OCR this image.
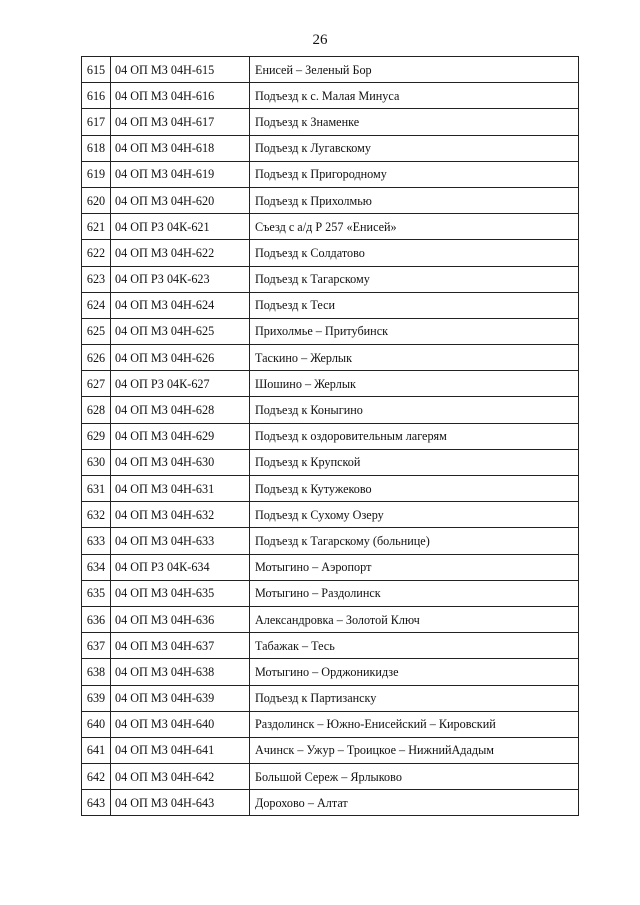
26
615	04 ОП МЗ 04Н-615	Енисей – Зеленый Бор
616	04 ОП МЗ 04Н-616	Подъезд к с. Малая Минуса
617	04 ОП МЗ 04Н-617	Подъезд к Знаменке
618	04 ОП МЗ 04Н-618	Подъезд к Лугавскому
619	04 ОП МЗ 04Н-619	Подъезд к Пригородному
620	04 ОП МЗ 04Н-620	Подъезд к Прихолмью
621	04 ОП РЗ 04К-621	Съезд с а/д Р 257 «Енисей»
622	04 ОП МЗ 04Н-622	Подъезд к Солдатово
623	04 ОП РЗ 04К-623	Подъезд к Тагарскому
624	04 ОП МЗ 04Н-624	Подъезд к Теси
625	04 ОП МЗ 04Н-625	Прихолмье – Притубинск
626	04 ОП МЗ 04Н-626	Таскино – Жерлык
627	04 ОП РЗ 04К-627	Шошино – Жерлык
628	04 ОП МЗ 04Н-628	Подъезд к Коныгино
629	04 ОП МЗ 04Н-629	Подъезд к оздоровительным лагерям
630	04 ОП МЗ 04Н-630	Подъезд к Крупской
631	04 ОП МЗ 04Н-631	Подъезд к Кутужеково
632	04 ОП МЗ 04Н-632	Подъезд к Сухому Озеру
633	04 ОП МЗ 04Н-633	Подъезд к Тагарскому (больнице)
634	04 ОП РЗ 04К-634	Мотыгино – Аэропорт
635	04 ОП МЗ 04Н-635	Мотыгино – Раздолинск
636	04 ОП МЗ 04Н-636	Александровка – Золотой Ключ
637	04 ОП МЗ 04Н-637	Табажак – Тесь
638	04 ОП МЗ 04Н-638	Мотыгино – Орджоникидзе
639	04 ОП МЗ 04Н-639	Подъезд к Партизанску
640	04 ОП МЗ 04Н-640	Раздолинск – Южно-Енисейский – Кировский
641	04 ОП МЗ 04Н-641	Ачинск – Ужур – Троицкое – НижнийАдадым
642	04 ОП МЗ 04Н-642	Большой Сереж – Ярлыково
643	04 ОП МЗ 04Н-643	Дорохово – Алтат
